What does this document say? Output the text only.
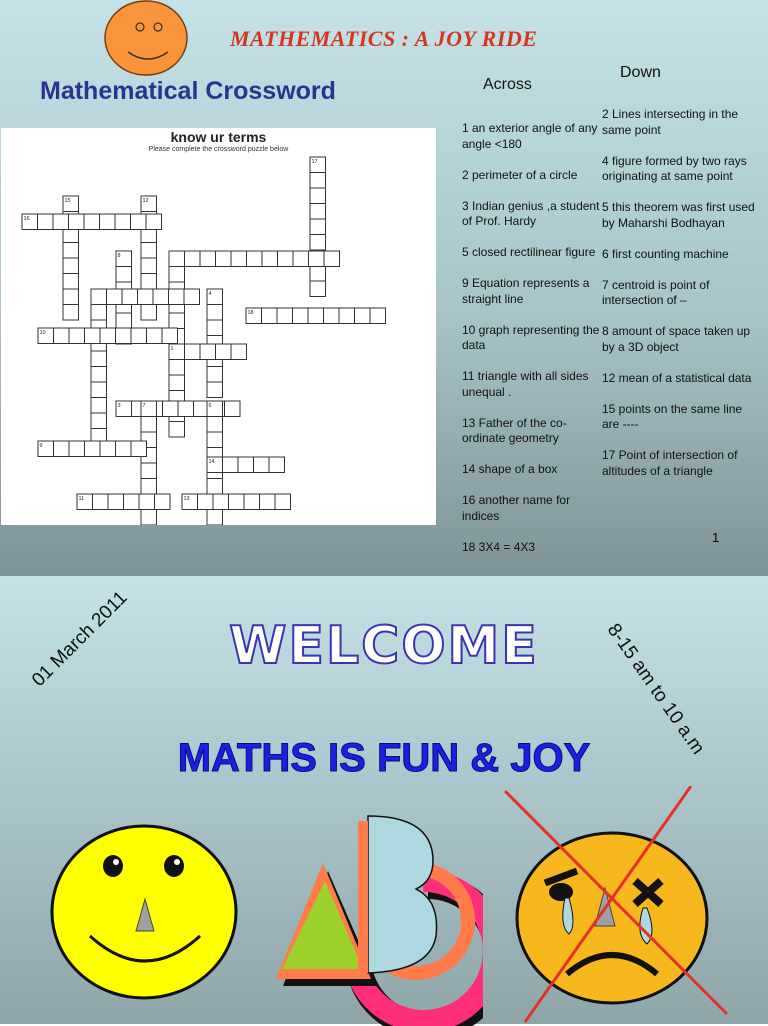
MATHEMATICS : A JOY RIDE
Mathematical Crossword
know ur terms
Please complete the crossword puzzle below
17
15	12
16
8
4
18
10
1
3	7	6
9
14
11	13
Across
1 an exterior angle of any angle <180
2 perimeter of a circle
3 Indian genius ,a student of Prof. Hardy
5 closed rectilinear figure
9 Equation represents a straight line
10 graph representing the data
11 triangle with all sides unequal .
13 Father of the co-ordinate geometry
14 shape of a box
16 another name for indices
18 3X4 = 4X3
Down
2 Lines intersecting in the same point
4 figure formed by two rays originating at same point
5 this theorem was first used by Maharshi Bodhayan
6 first counting machine
7 centroid is point of intersection of –
8 amount of space taken up by a 3D object
12 mean of a statistical data
15 points on the same line are ----
17 Point of intersection of altitudes of a triangle
1
WELCOME
01 March 2011	8-15 am to 10 a.m
MATHS IS FUN & JOY
